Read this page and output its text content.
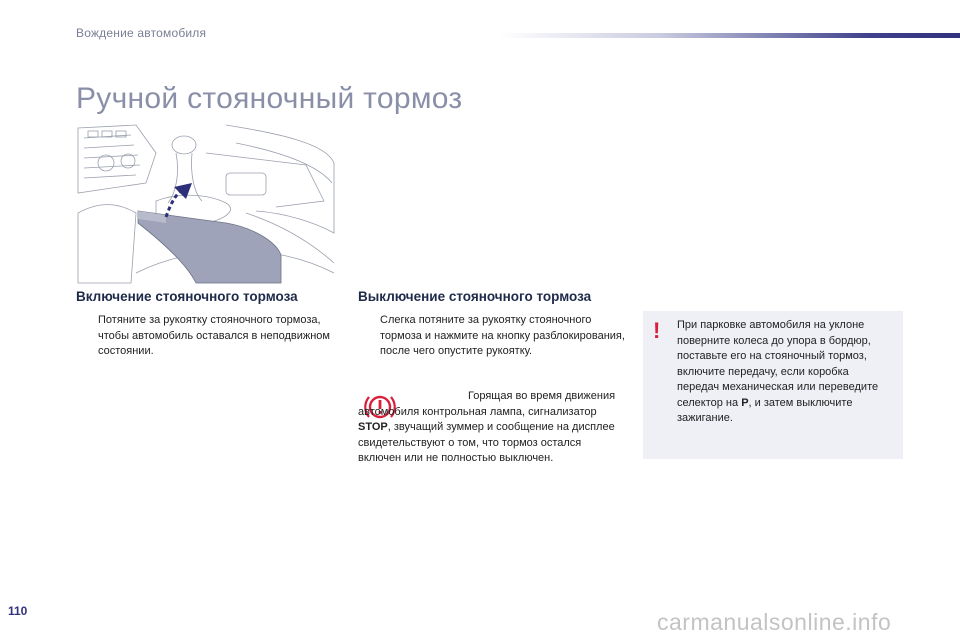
Вождение автомобиля
Ручной стояночный тормоз
Включение стояночного тормоза
Потяните за рукоятку стояночного тормоза, чтобы автомобиль оставался в неподвижном состоянии.
Выключение стояночного тормоза
Слегка потяните за рукоятку стояночного тормоза и нажмите на кнопку разблокирования, после чего опустите рукоятку.
Горящая во время движения автомобиля контрольная лампа, сигнализатор STOP, звучащий зуммер и сообщение на дисплее свидетельствуют о том, что тормоз остался включен или не полностью выключен.
! При парковке автомобиля на уклоне поверните колеса до упора в бордюр, поставьте его на стояночный тормоз, включите передачу, если коробка передач механическая или переведите селектор на P, и затем выключите зажигание.
110	carmanualsonline.info
